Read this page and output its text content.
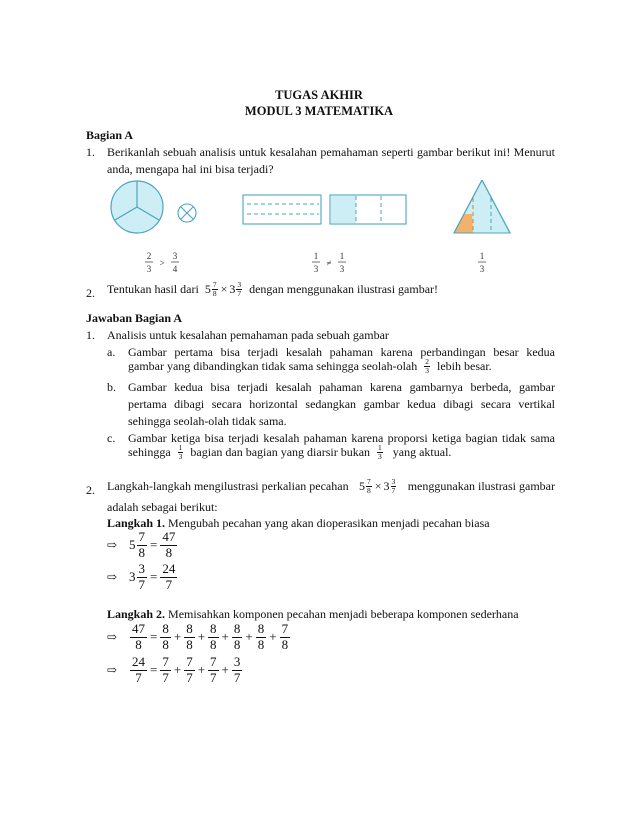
TUGAS AKHIR
MODUL 3 MATEMATIKA
Bagian A
1. Berikanlah sebuah analisis untuk kesalahan pemahaman seperti gambar berikut ini! Menurut
anda, mengapa hal ini bisa terjadi?
2
3
>
3
4
1
3
≠
1
3
1
3
2. Tentukan hasil dari
$5 \frac{7}{8} \times 3 \frac{3}{7}$
dengan menggunakan ilustrasi gambar!
Jawaban Bagian A
1. Analisis untuk kesalahan pemahaman pada sebuah gambar
a. Gambar pertama bisa terjadi kesalah pahaman karena perbandingan besar kedua
gambar yang dibandingkan tidak sama sehingga seolah-olah
$\frac{2}{3}$
lebih besar.
b. Gambar kedua bisa terjadi kesalah pahaman karena gambarnya berbeda, gambar
pertama dibagi secara horizontal sedangkan gambar kedua dibagi secara vertikal
sehingga seolah-olah tidak sama.
c. Gambar ketiga bisa terjadi kesalah pahaman karena proporsi ketiga bagian tidak sama
sehingga
$\frac{1}{3}$
bagian dan bagian yang diarsir bukan
$\frac{1}{3}$
yang aktual.
2. Langkah-langkah mengilustrasi perkalian pecahan $5 \frac{7}{8} \times 3 \frac{3}{7}$ menggunakan ilustrasi gambar
adalah sebagai berikut:
Langkah 1. Mengubah pecahan yang akan dioperasikan menjadi pecahan biasa
⇨ $5 \frac{7}{8} = \frac{47}{8}$
⇨ $3 \frac{3}{7} = \frac{24}{7}$
Langkah 2. Memisahkan komponen pecahan menjadi beberapa komponen sederhana
⇨ $\frac{47}{8}$ =
8
$8 + \frac{8}{8} + \frac{8}{8} + \frac{8}{8} + \frac{8}{8} + \frac{7}{8}$
⇨ $\frac{24}{7}$ =
7
$7 + \frac{7}{7} + \frac{7}{7} + \frac{3}{7}$
